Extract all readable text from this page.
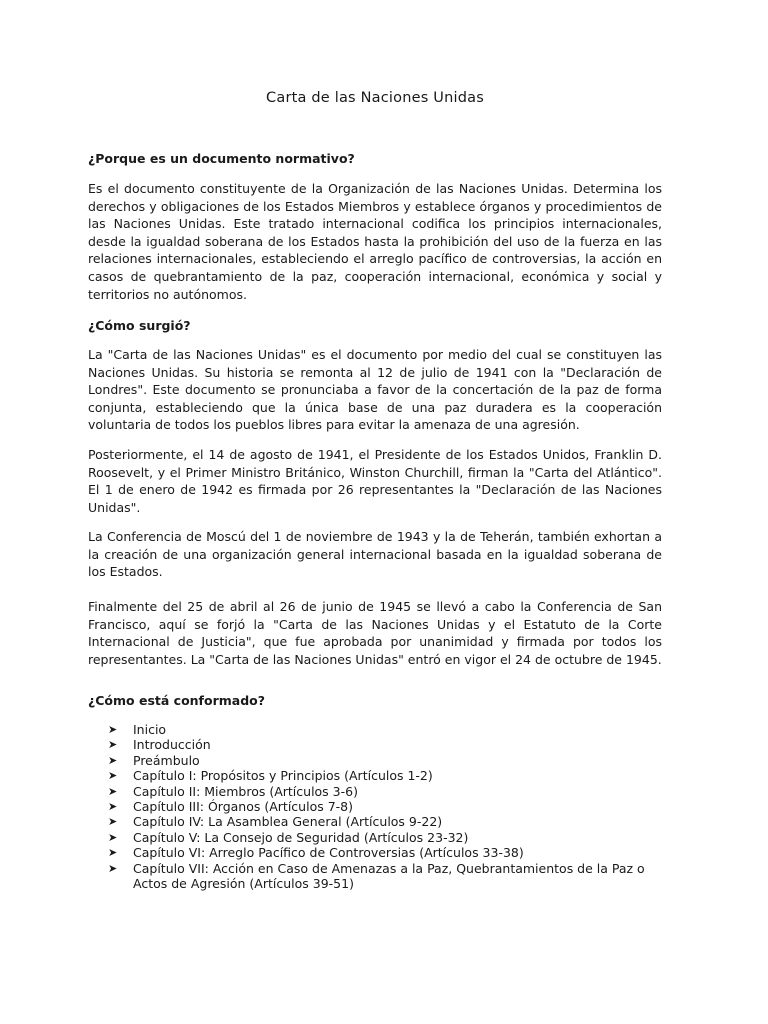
Carta de las Naciones Unidas
¿Porque es un documento normativo?

Es el documento constituyente de la Organización de las Naciones Unidas. Determina los derechos y obligaciones de los Estados Miembros y establece órganos y procedimientos de las Naciones Unidas. Este tratado internacional codifica los principios internacionales, desde la igualdad soberana de los Estados hasta la prohibición del uso de la fuerza en las relaciones internacionales, estableciendo el arreglo pacífico de controversias, la acción en casos de quebrantamiento de la paz, cooperación internacional, económica y social y territorios no autónomos.

¿Cómo surgió?

La "Carta de las Naciones Unidas" es el documento por medio del cual se constituyen las Naciones Unidas. Su historia se remonta al 12 de julio de 1941 con la "Declaración de Londres". Este documento se pronunciaba a favor de la concertación de la paz de forma conjunta, estableciendo que la única base de una paz duradera es la cooperación voluntaria de todos los pueblos libres para evitar la amenaza de una agresión.

Posteriormente, el 14 de agosto de 1941, el Presidente de los Estados Unidos, Franklin D. Roosevelt, y el Primer Ministro Británico, Winston Churchill, firman la "Carta del Atlántico". El 1 de enero de 1942 es firmada por 26 representantes la "Declaración de las Naciones Unidas".

La Conferencia de Moscú del 1 de noviembre de 1943 y la de Teherán, también exhortan a la creación de una organización general internacional basada en la igualdad soberana de los Estados.

Finalmente del 25 de abril al 26 de junio de 1945 se llevó a cabo la Conferencia de San Francisco, aquí se forjó la "Carta de las Naciones Unidas y el Estatuto de la Corte Internacional de Justicia", que fue aprobada por unanimidad y firmada por todos los representantes. La "Carta de las Naciones Unidas" entró en vigor el 24 de octubre de 1945.

¿Cómo está conformado?
➤ Inicio
➤ Introducción
➤ Preámbulo
➤ Capítulo I: Propósitos y Principios (Artículos 1-2)
➤ Capítulo II: Miembros (Artículos 3-6)
➤ Capítulo III: Órganos (Artículos 7-8)
➤ Capítulo IV: La Asamblea General (Artículos 9-22)
➤ Capítulo V: La Consejo de Seguridad (Artículos 23-32)
➤ Capítulo VI: Arreglo Pacífico de Controversias (Artículos 33-38)
➤ Capítulo VII: Acción en Caso de Amenazas a la Paz, Quebrantamientos de la Paz o Actos de Agresión (Artículos 39-51)
